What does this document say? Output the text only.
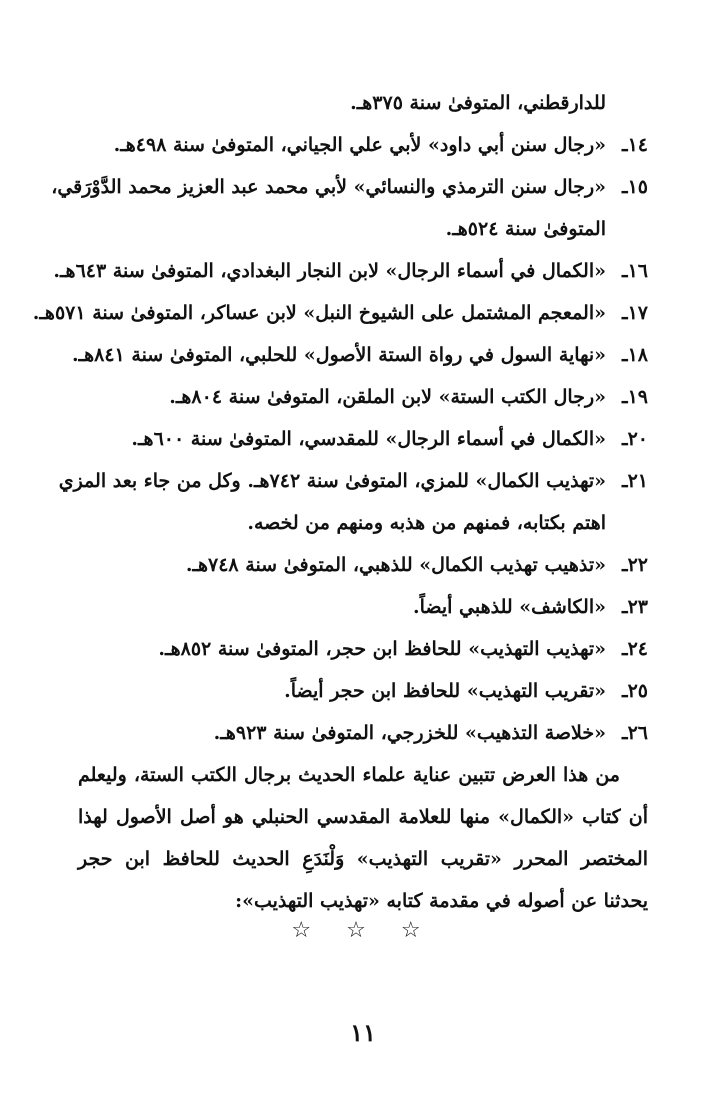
للدارقطني، المتوفىٰ سنة ٣٧٥هـ.
١٤ـ«رجال سنن أبي داود» لأبي علي الجياني، المتوفىٰ سنة ٤٩٨هـ.
١٥ـ«رجال سنن الترمذي والنسائي» لأبي محمد عبد العزيز محمد الدَّوْرَقي،
المتوفىٰ سنة ٥٢٤هـ.
١٦ـ«الكمال في أسماء الرجال» لابن النجار البغدادي، المتوفىٰ سنة ٦٤٣هـ.
١٧ـ«المعجم المشتمل على الشيوخ النبل» لابن عساكر، المتوفىٰ سنة ٥٧١هـ.
١٨ـ«نهاية السول في رواة الستة الأصول» للحلبي، المتوفىٰ سنة ٨٤١هـ.
١٩ـ«رجال الكتب الستة» لابن الملقن، المتوفىٰ سنة ٨٠٤هـ.
٢٠ـ«الكمال في أسماء الرجال» للمقدسي، المتوفىٰ سنة ٦٠٠هـ.
٢١ـ«تهذيب الكمال» للمزي، المتوفىٰ سنة ٧٤٢هـ. وكل من جاء بعد المزي
اهتم بكتابه، فمنهم من هذبه ومنهم من لخصه.
٢٢ـ«تذهيب تهذيب الكمال» للذهبي، المتوفىٰ سنة ٧٤٨هـ.
٢٣ـ«الكاشف» للذهبي أيضاً.
٢٤ـ«تهذيب التهذيب» للحافظ ابن حجر، المتوفىٰ سنة ٨٥٢هـ.
٢٥ـ«تقريب التهذيب» للحافظ ابن حجر أيضاً.
٢٦ـ«خلاصة التذهيب» للخزرجي، المتوفىٰ سنة ٩٢٣هـ.
من هذا العرض تتبين عناية علماء الحديث برجال الكتب الستة، وليعلم أن كتاب «الكمال» منها للعلامة المقدسي الحنبلي هو أصل الأصول لهذا المختصر المحرر «تقريب التهذيب» وَلْنَدَعِ الحديث للحافظ ابن حجر يحدثنا عن أصوله في مقدمة كتابه «تهذيب التهذيب»:
☆ ☆ ☆
١١
